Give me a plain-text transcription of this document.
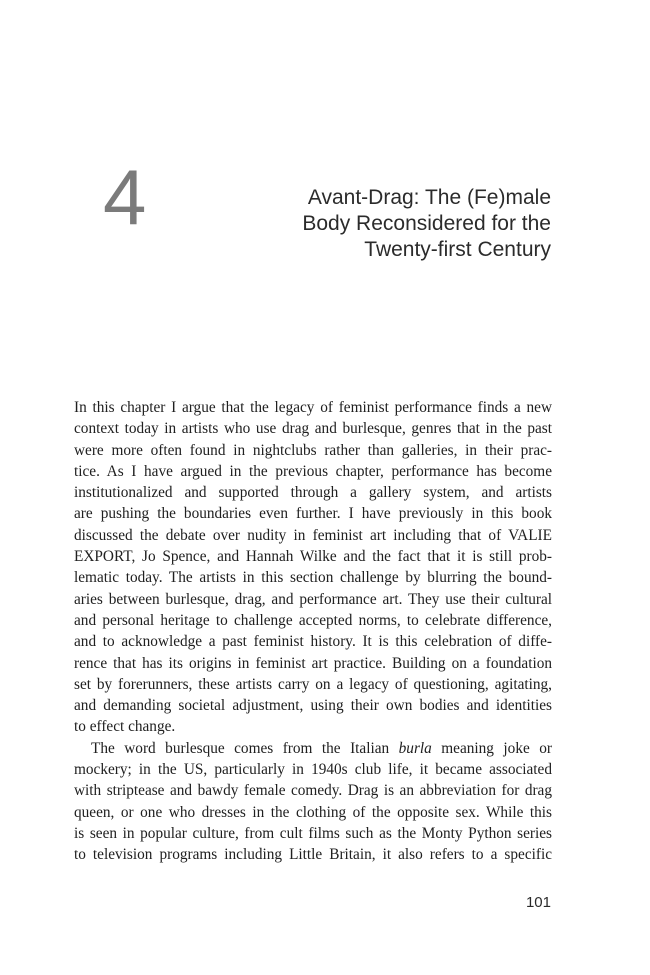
4	Avant-Drag: The (Fe)male
Body Reconsidered for the
Twenty-first Century
In this chapter I argue that the legacy of feminist performance finds a new
context today in artists who use drag and burlesque, genres that in the past
were more often found in nightclubs rather than galleries, in their prac-
tice. As I have argued in the previous chapter, performance has become
institutionalized and supported through a gallery system, and artists
are pushing the boundaries even further. I have previously in this book
discussed the debate over nudity in feminist art including that of VALIE
EXPORT, Jo Spence, and Hannah Wilke and the fact that it is still prob-
lematic today. The artists in this section challenge by blurring the bound-
aries between burlesque, drag, and performance art. They use their cultural
and personal heritage to challenge accepted norms, to celebrate difference,
and to acknowledge a past feminist history. It is this celebration of diffe-
rence that has its origins in feminist art practice. Building on a foundation
set by forerunners, these artists carry on a legacy of questioning, agitating,
and demanding societal adjustment, using their own bodies and identities
to effect change.
The word burlesque comes from the Italian burla meaning joke or
mockery; in the US, particularly in 1940s club life, it became associated
with striptease and bawdy female comedy. Drag is an abbreviation for drag
queen, or one who dresses in the clothing of the opposite sex. While this
is seen in popular culture, from cult films such as the Monty Python series
to television programs including Little Britain, it also refers to a specific
101
